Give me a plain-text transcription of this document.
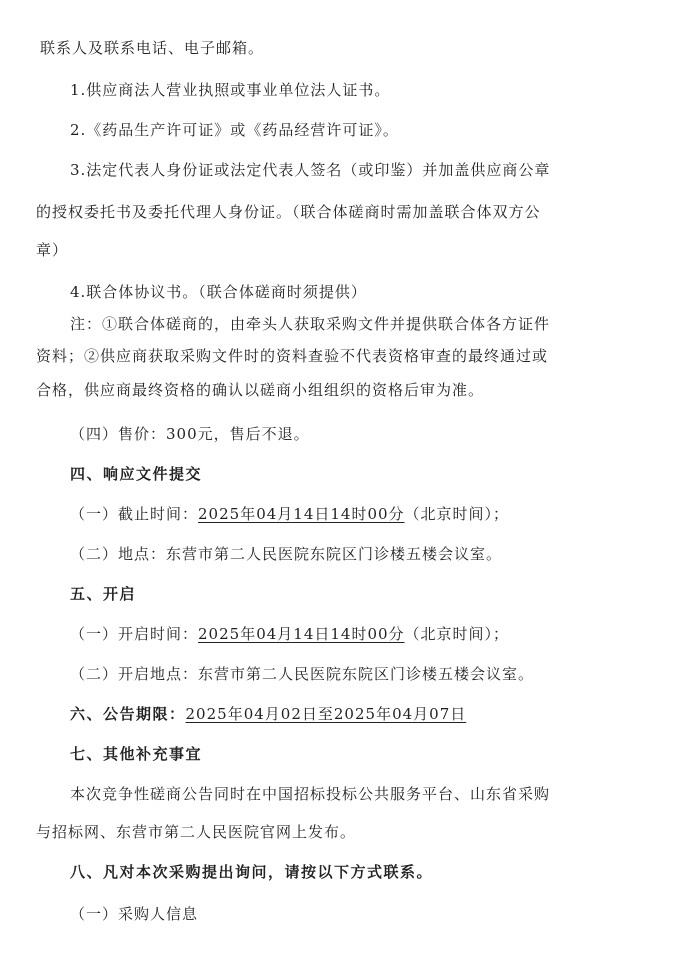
联系人及联系电话、电子邮箱。
1.供应商法人营业执照或事业单位法人证书。
2.《药品生产许可证》或《药品经营许可证》。
3.法定代表人身份证或法定代表人签名（或印鉴）并加盖供应商公章
的授权委托书及委托代理人身份证。（联合体磋商时需加盖联合体双方公
章）
4.联合体协议书。（联合体磋商时须提供）
注：①联合体磋商的，由牵头人获取采购文件并提供联合体各方证件
资料；②供应商获取采购文件时的资料查验不代表资格审查的最终通过或
合格，供应商最终资格的确认以磋商小组组织的资格后审为准。
（四）售价：300元，售后不退。
四、响应文件提交
（一）截止时间：2025年04月14日14时00分（北京时间）；
（二）地点：东营市第二人民医院东院区门诊楼五楼会议室。
五、开启
（一）开启时间：2025年04月14日14时00分（北京时间）；
（二）开启地点：东营市第二人民医院东院区门诊楼五楼会议室。
六、公告期限：2025年04月02日至2025年04月07日
七、其他补充事宜
本次竞争性磋商公告同时在中国招标投标公共服务平台、山东省采购
与招标网、东营市第二人民医院官网上发布。
八、凡对本次采购提出询问，请按以下方式联系。
（一）采购人信息
